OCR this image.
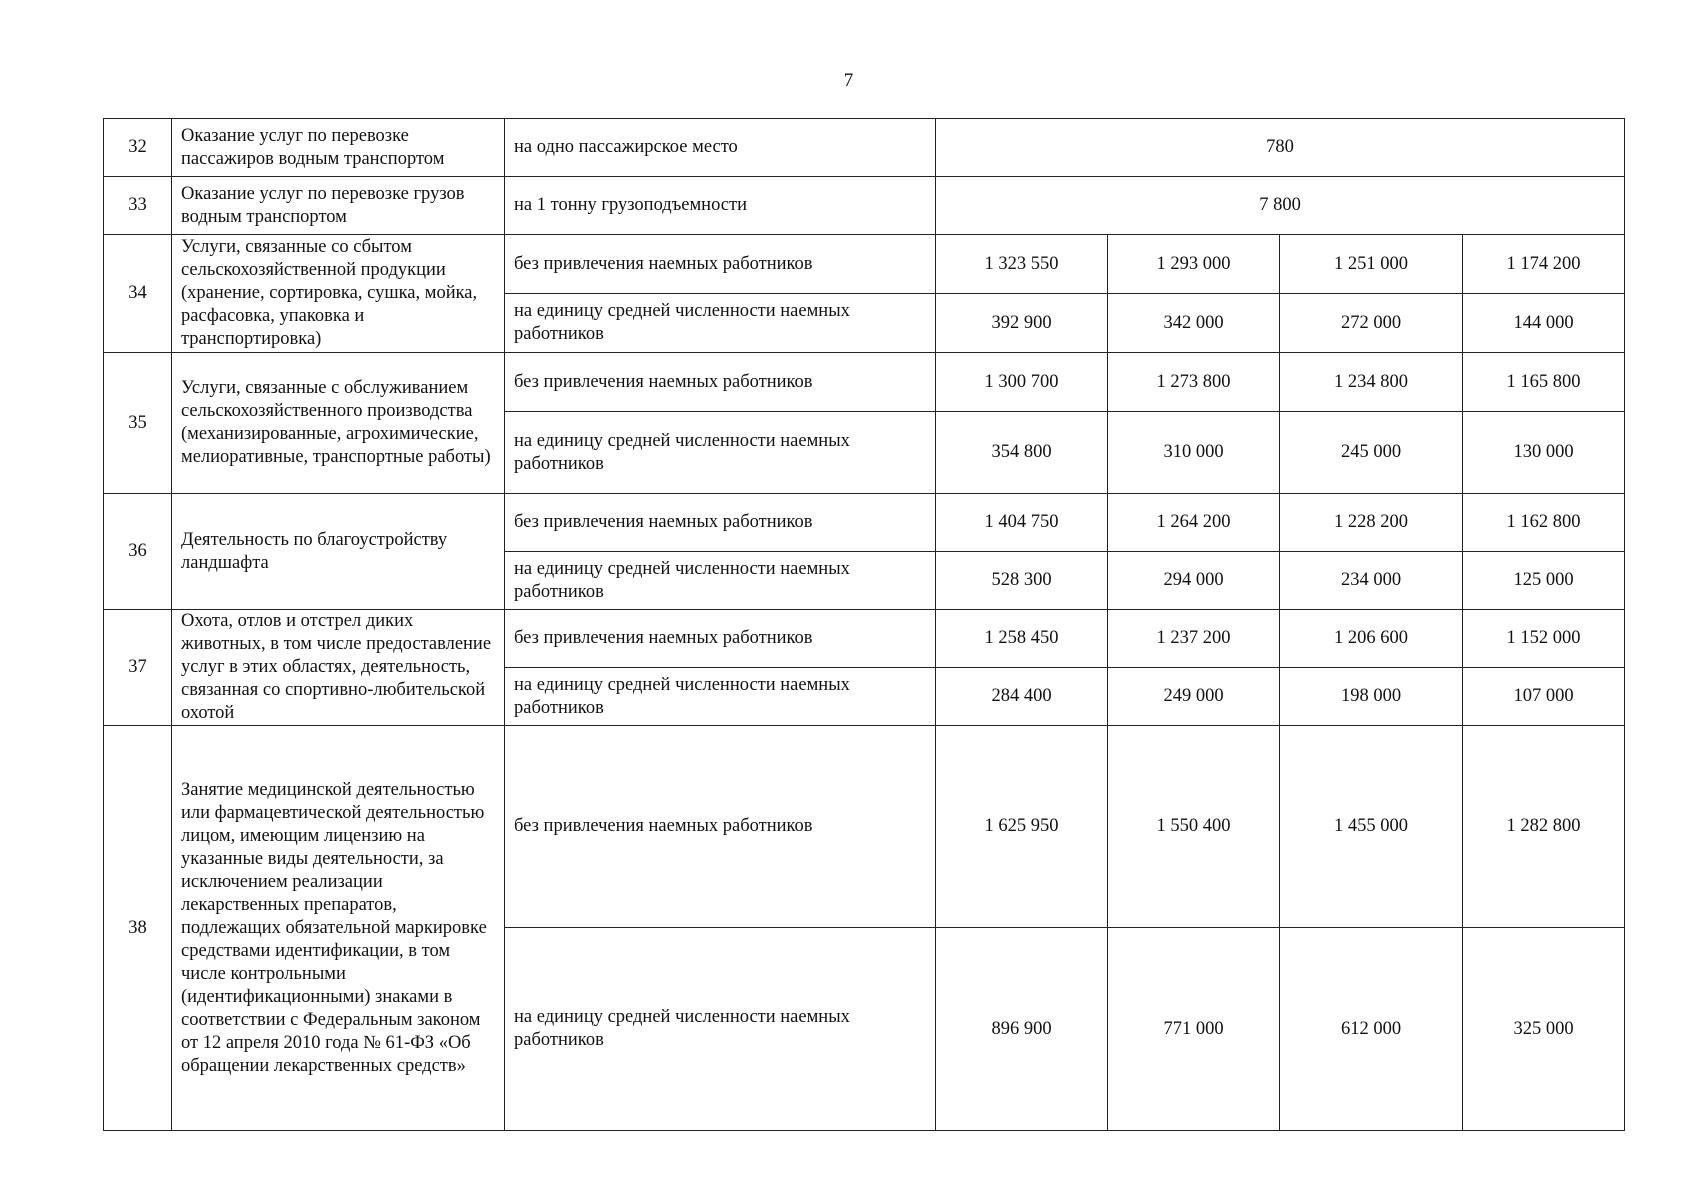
7
32	Оказание услуг по перевозке пассажиров водным транспортом	на одно пассажирское место	780			
33	Оказание услуг по перевозке грузов водным транспортом	на 1 тонну грузоподъемности	7 800			
34	Услуги, связанные со сбытом сельскохозяйственной продукции (хранение, сортировка, сушка, мойка, расфасовка, упаковка и транспортировка)	без привлечения наемных работников	1 323 550	1 293 000	1 251 000	1 174 200
		на единицу средней численности наемных работников	392 900	342 000	272 000	144 000
35	Услуги, связанные с обслуживанием сельскохозяйственного производства (механизированные, агрохимические, мелиоративные, транспортные работы)	без привлечения наемных работников	1 300 700	1 273 800	1 234 800	1 165 800
		на единицу средней численности наемных работников	354 800	310 000	245 000	130 000
36	Деятельность по благоустройству ландшафта	без привлечения наемных работников	1 404 750	1 264 200	1 228 200	1 162 800
		на единицу средней численности наемных работников	528 300	294 000	234 000	125 000
37	Охота, отлов и отстрел диких животных, в том числе предоставление услуг в этих областях, деятельность, связанная со спортивно-любительской охотой	без привлечения наемных работников	1 258 450	1 237 200	1 206 600	1 152 000
		на единицу средней численности наемных работников	284 400	249 000	198 000	107 000
38	Занятие медицинской деятельностью или фармацевтической деятельностью лицом, имеющим лицензию на указанные виды деятельности, за исключением реализации лекарственных препаратов, подлежащих обязательной маркировке средствами идентификации, в том числе контрольными (идентификационными) знаками в соответствии с Федеральным законом от 12 апреля 2010 года № 61-ФЗ «Об обращении лекарственных средств»	без привлечения наемных работников	1 625 950	1 550 400	1 455 000	1 282 800
		на единицу средней численности наемных работников	896 900	771 000	612 000	325 000
